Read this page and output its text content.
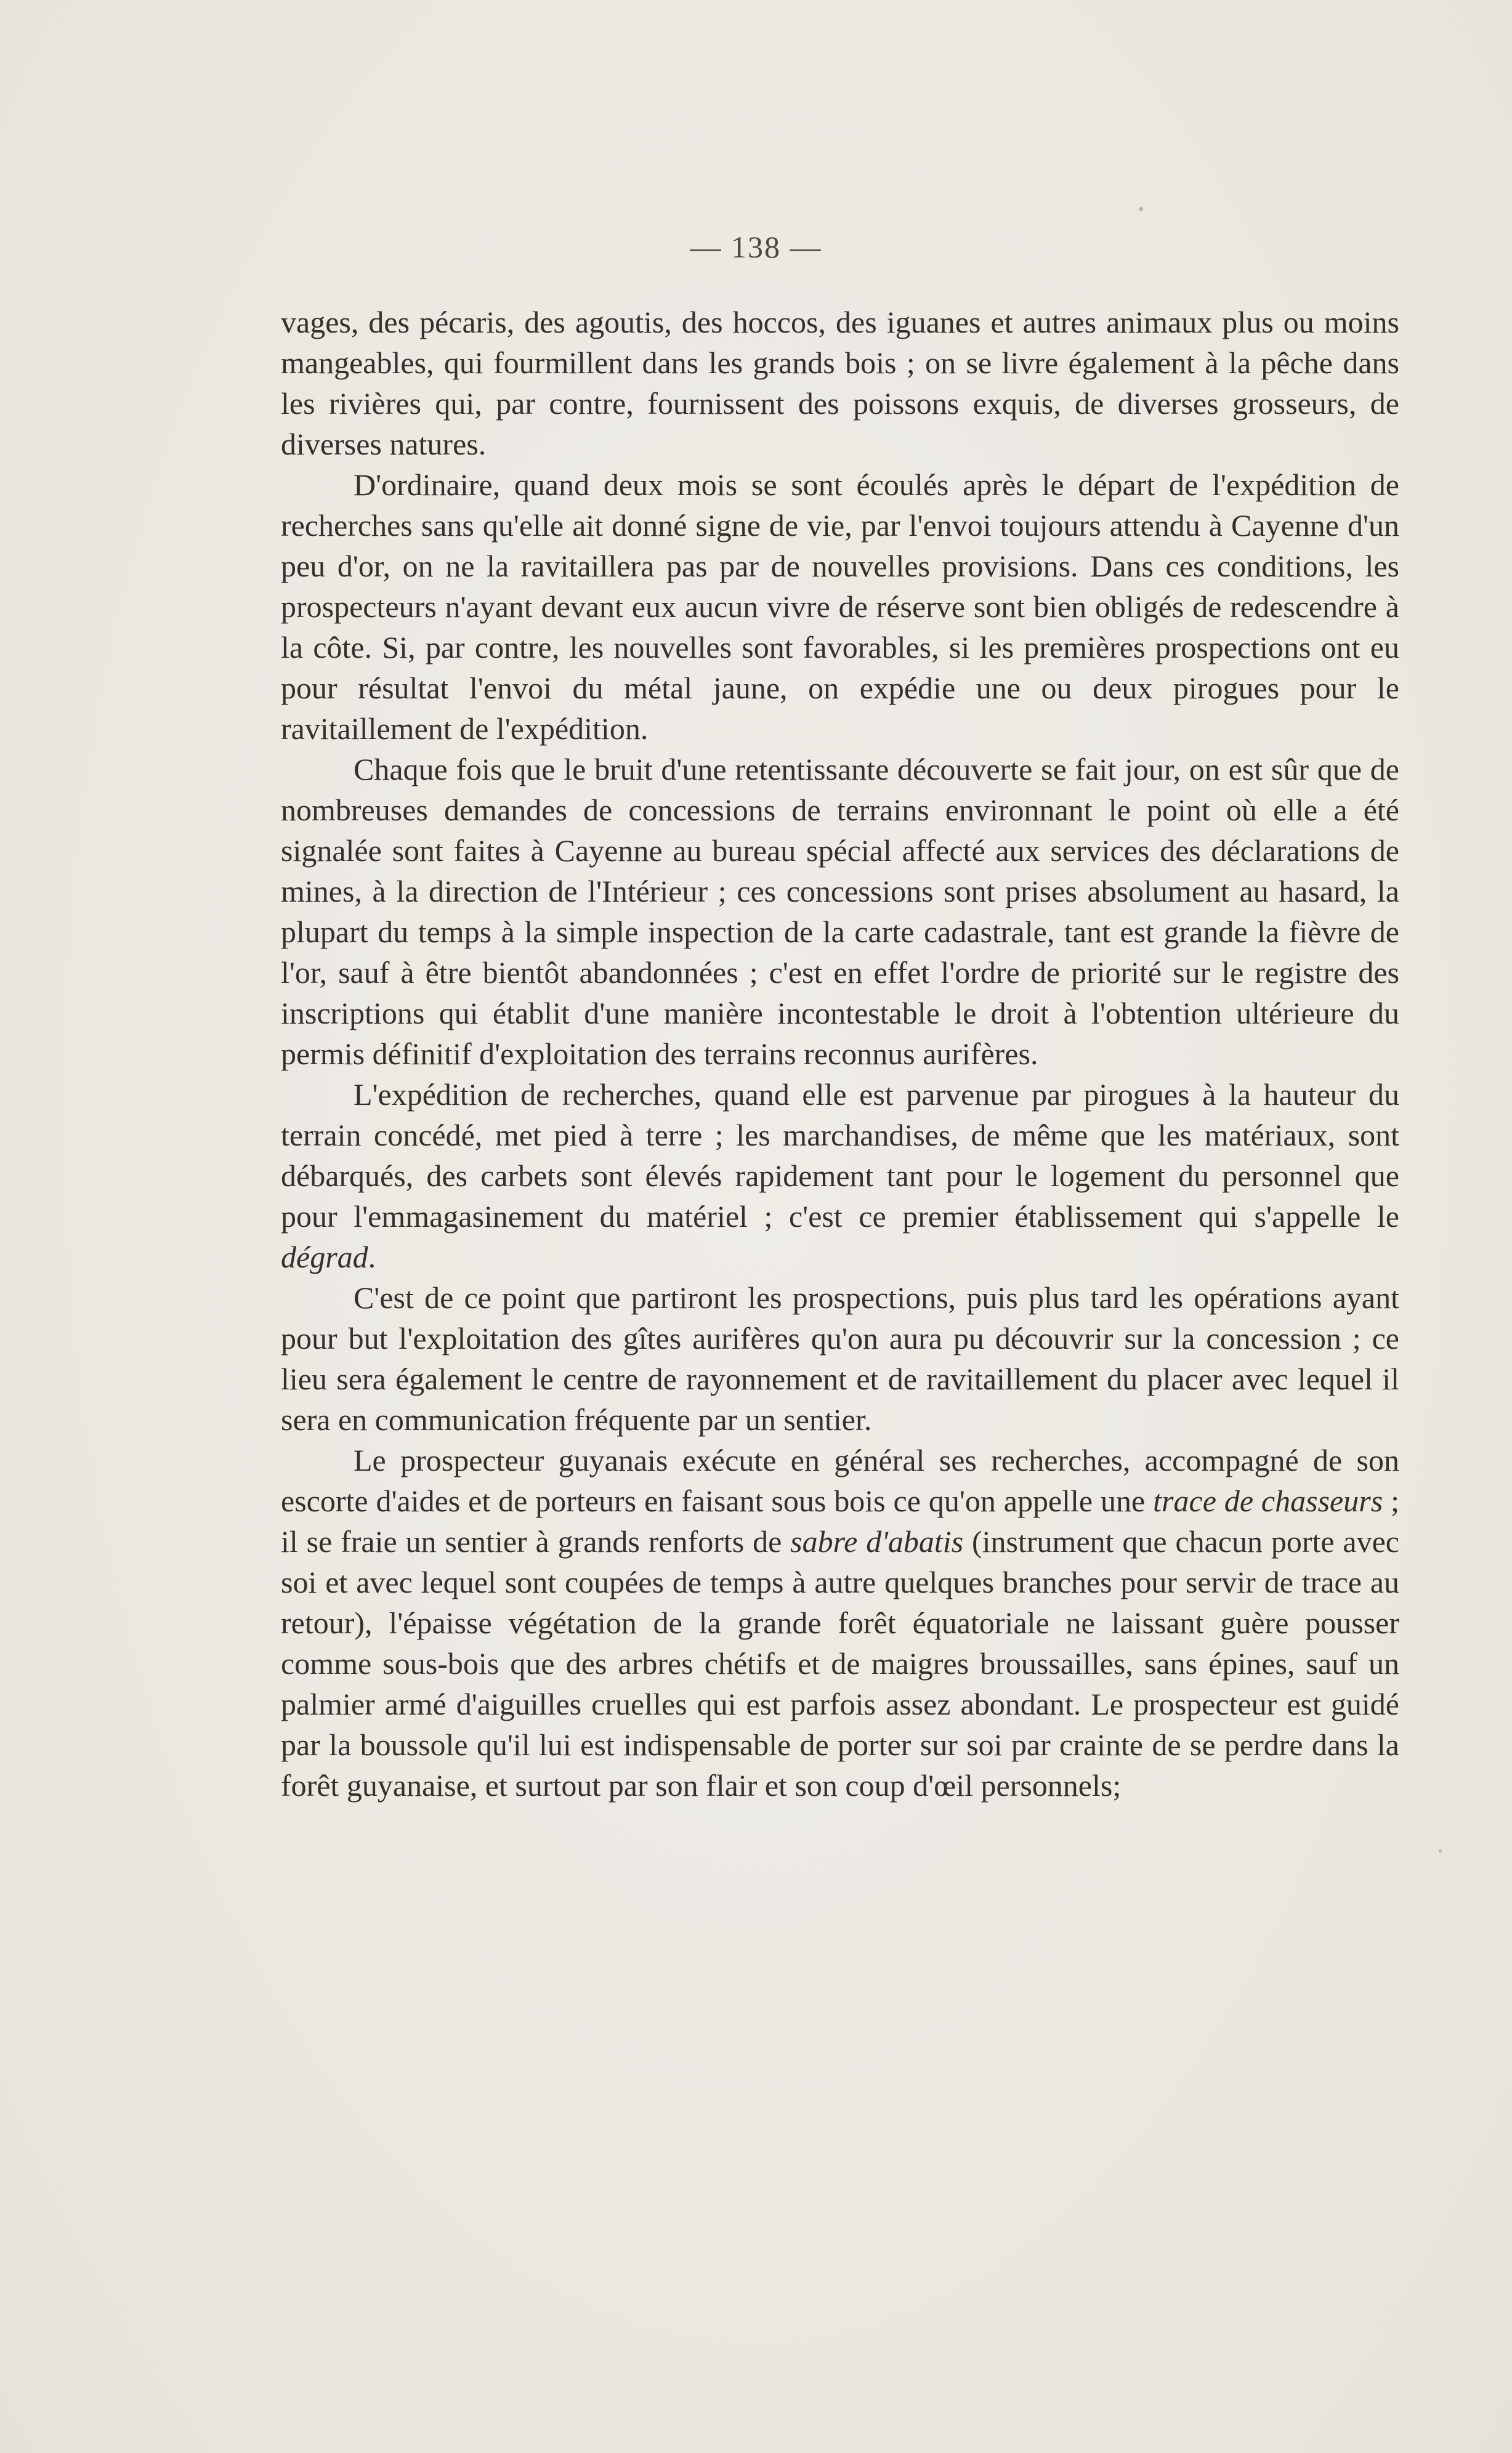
— 138 —

vages, des pécaris, des agoutis, des hoccos, des iguanes et autres animaux plus ou moins mangeables, qui fourmillent dans les grands bois ; on se livre également à la pêche dans les rivières qui, par contre, fournissent des poissons exquis, de diverses grosseurs, de diverses natures.

D'ordinaire, quand deux mois se sont écoulés après le départ de l'expédition de recherches sans qu'elle ait donné signe de vie, par l'envoi toujours attendu à Cayenne d'un peu d'or, on ne la ravitaillera pas par de nouvelles provisions. Dans ces conditions, les prospecteurs n'ayant devant eux aucun vivre de réserve sont bien obligés de redescendre à la côte. Si, par contre, les nouvelles sont favorables, si les premières prospections ont eu pour résultat l'envoi du métal jaune, on expédie une ou deux pirogues pour le ravitaillement de l'expédition.

Chaque fois que le bruit d'une retentissante découverte se fait jour, on est sûr que de nombreuses demandes de concessions de terrains environnant le point où elle a été signalée sont faites à Cayenne au bureau spécial affecté aux services des déclarations de mines, à la direction de l'Intérieur ; ces concessions sont prises absolument au hasard, la plupart du temps à la simple inspection de la carte cadastrale, tant est grande la fièvre de l'or, sauf à être bientôt abandonnées ; c'est en effet l'ordre de priorité sur le registre des inscriptions qui établit d'une manière incontestable le droit à l'obtention ultérieure du permis définitif d'exploitation des terrains reconnus aurifères.

L'expédition de recherches, quand elle est parvenue par pirogues à la hauteur du terrain concédé, met pied à terre ; les marchandises, de même que les matériaux, sont débarqués, des carbets sont élevés rapidement tant pour le logement du personnel que pour l'emmagasinement du matériel ; c'est ce premier établissement qui s'appelle le dégrad.

C'est de ce point que partiront les prospections, puis plus tard les opérations ayant pour but l'exploitation des gîtes aurifères qu'on aura pu découvrir sur la concession ; ce lieu sera également le centre de rayonnement et de ravitaillement du placer avec lequel il sera en communication fréquente par un sentier.

Le prospecteur guyanais exécute en général ses recherches, accompagné de son escorte d'aides et de porteurs en faisant sous bois ce qu'on appelle une trace de chasseurs ; il se fraie un sentier à grands renforts de sabre d'abatis (instrument que chacun porte avec soi et avec lequel sont coupées de temps à autre quelques branches pour servir de trace au retour), l'épaisse végétation de la grande forêt équatoriale ne laissant guère pousser comme sous-bois que des arbres chétifs et de maigres broussailles, sans épines, sauf un palmier armé d'aiguilles cruelles qui est parfois assez abondant. Le prospecteur est guidé par la boussole qu'il lui est indispensable de porter sur soi par crainte de se perdre dans la forêt guyanaise, et surtout par son flair et son coup d'œil personnels;
